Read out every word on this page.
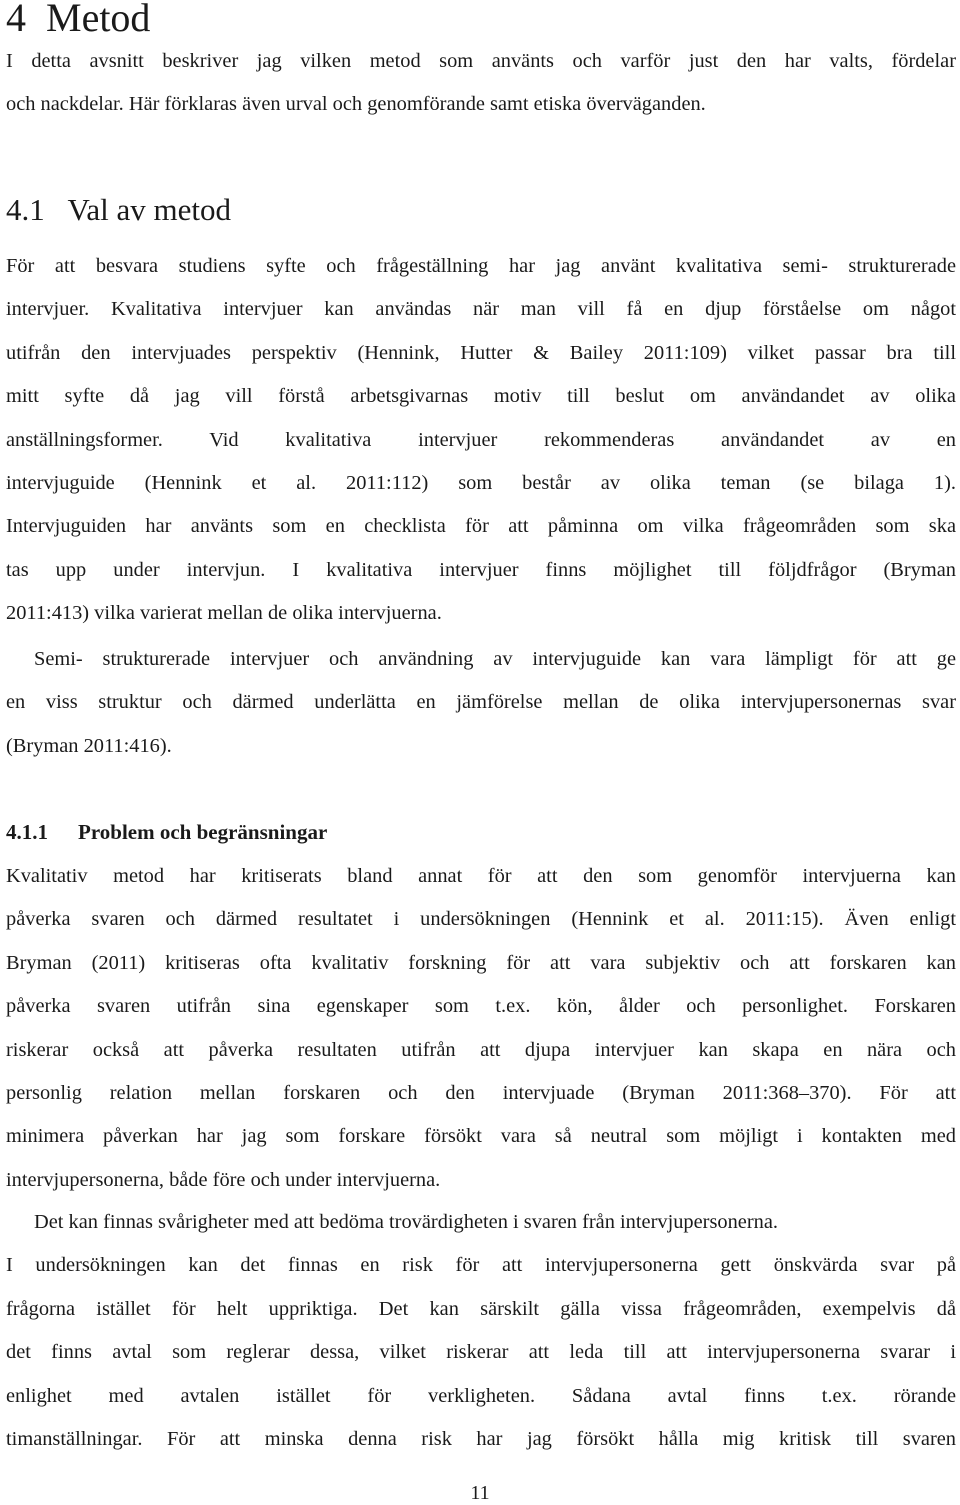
4 Metod
I detta avsnitt beskriver jag vilken metod som använts och varför just den har valts, fördelar
och nackdelar. Här förklaras även urval och genomförande samt etiska överväganden.
4.1   Val av metod
För att besvara studiens syfte och frågeställning har jag använt kvalitativa semi- strukturerade
intervjuer. Kvalitativa intervjuer kan användas när man vill få en djup förståelse om något
utifrån den intervjuades perspektiv (Hennink, Hutter & Bailey 2011:109) vilket passar bra till
mitt syfte då jag vill förstå arbetsgivarnas motiv till beslut om användandet av olika
anställningsformer. Vid kvalitativa intervjuer rekommenderas användandet av en
intervjuguide (Hennink et al. 2011:112) som består av olika teman (se bilaga 1).
Intervjuguiden har använts som en checklista för att påminna om vilka frågeområden som ska
tas upp under intervjun. I kvalitativa intervjuer finns möjlighet till följdfrågor (Bryman
2011:413) vilka varierat mellan de olika intervjuerna.
Semi- strukturerade intervjuer och användning av intervjuguide kan vara lämpligt för att ge
en viss struktur och därmed underlätta en jämförelse mellan de olika intervjupersonernas svar
(Bryman 2011:416).
4.1.1 Problem och begränsningar
Kvalitativ metod har kritiserats bland annat för att den som genomför intervjuerna kan
påverka svaren och därmed resultatet i undersökningen (Hennink et al. 2011:15). Även enligt
Bryman (2011) kritiseras ofta kvalitativ forskning för att vara subjektiv och att forskaren kan
påverka svaren utifrån sina egenskaper som t.ex. kön, ålder och personlighet. Forskaren
riskerar också att påverka resultaten utifrån att djupa intervjuer kan skapa en nära och
personlig relation mellan forskaren och den intervjuade (Bryman 2011:368–370). För att
minimera påverkan har jag som forskare försökt vara så neutral som möjligt i kontakten med
intervjupersonerna, både före och under intervjuerna.
Det kan finnas svårigheter med att bedöma trovärdigheten i svaren från intervjupersonerna.
I undersökningen kan det finnas en risk för att intervjupersonerna gett önskvärda svar på
frågorna istället för helt uppriktiga. Det kan särskilt gälla vissa frågeområden, exempelvis då
det finns avtal som reglerar dessa, vilket riskerar att leda till att intervjupersonerna svarar i
enlighet med avtalen istället för verkligheten. Sådana avtal finns t.ex. rörande
timanställningar. För att minska denna risk har jag försökt hålla mig kritisk till svaren
11
